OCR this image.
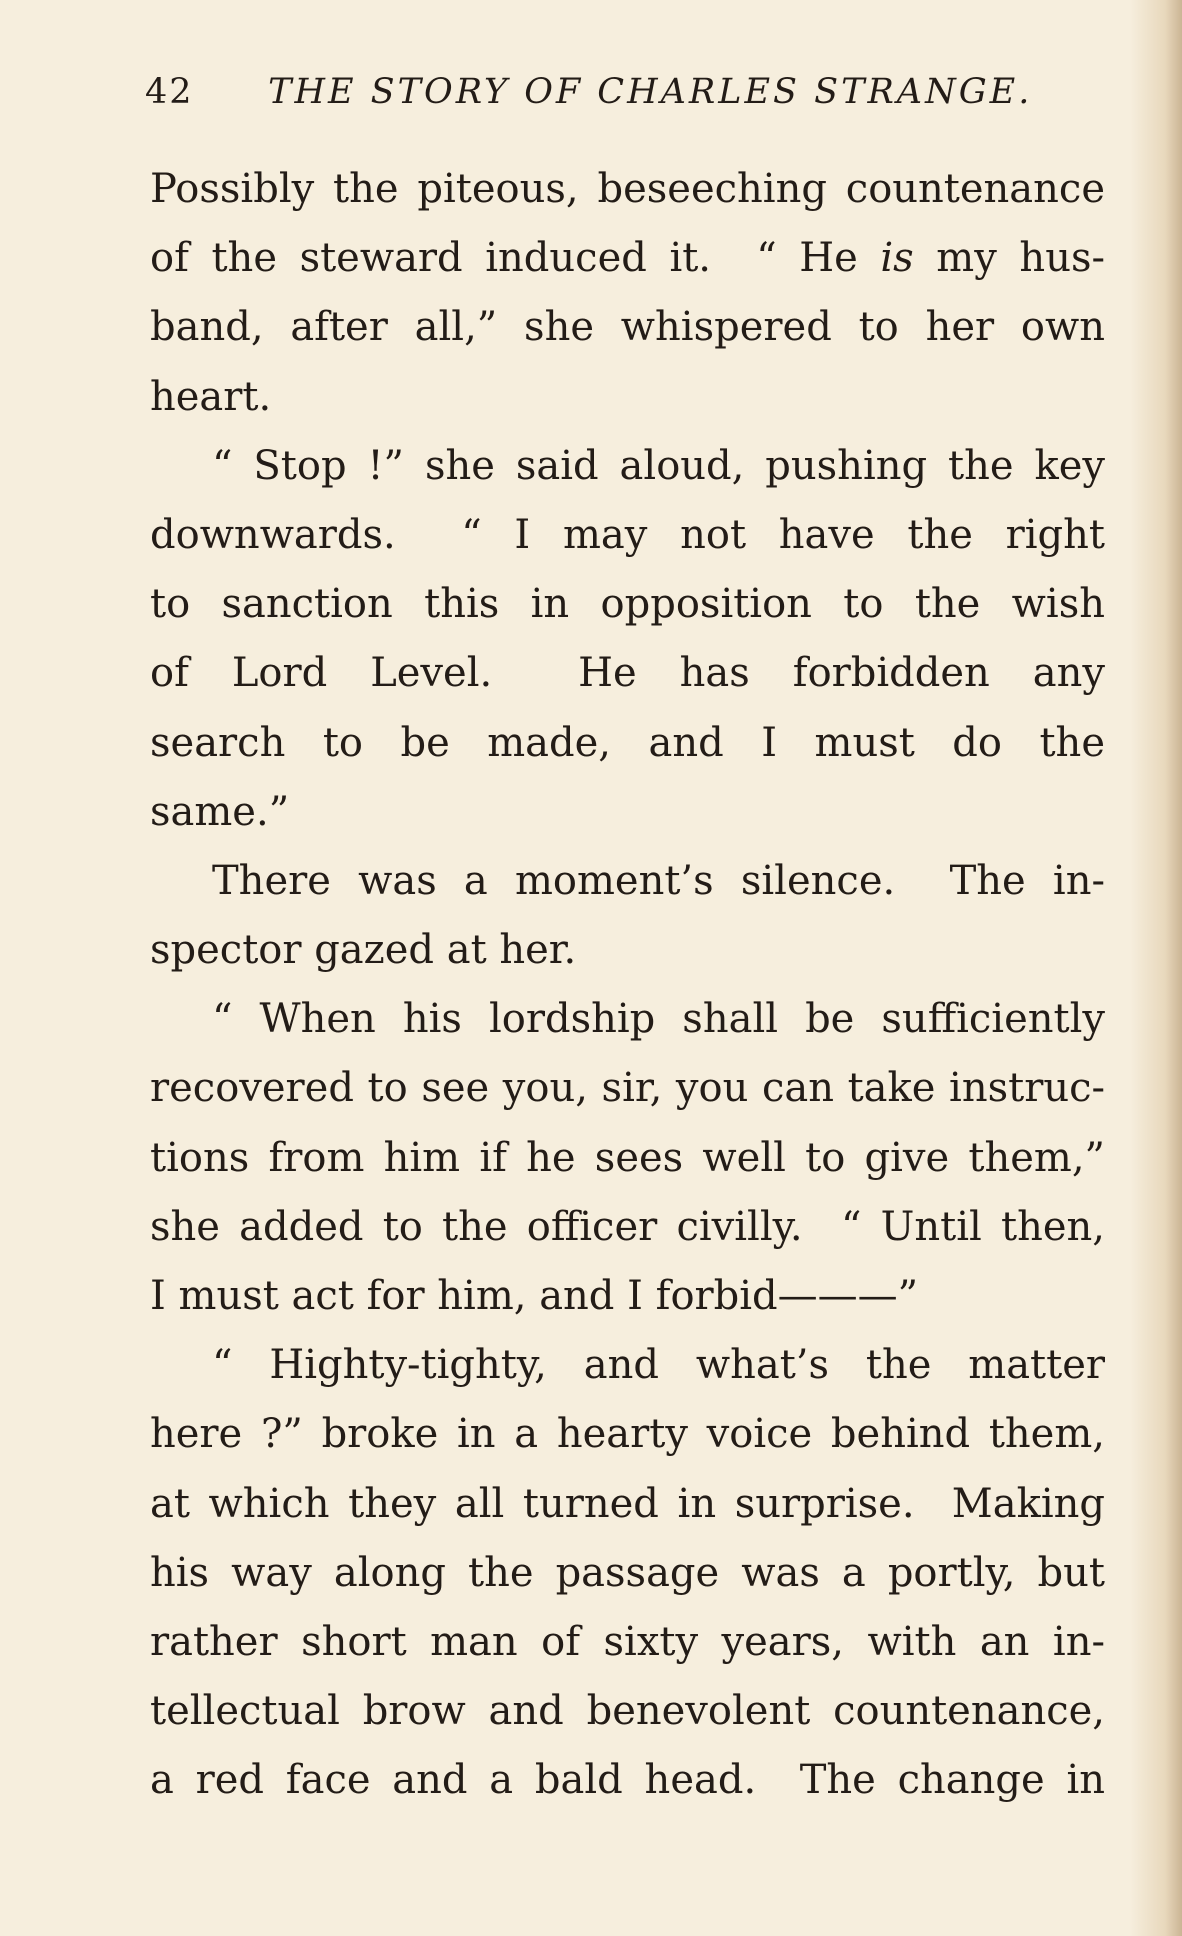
42 THE STORY OF CHARLES STRANGE.
Possibly the piteous, beseeching countenance
of the steward induced it.  “ He is my hus-
band, after all,” she whispered to her own
heart.
“ Stop !” she said aloud, pushing the key
downwards.  “ I may not have the right
to sanction this in opposition to the wish
of Lord Level.  He has forbidden any
search to be made, and I must do the
same.”
There was a moment’s silence.  The in-
spector gazed at her.
“ When his lordship shall be sufficiently
recovered to see you, sir, you can take instruc-
tions from him if he sees well to give them,”
she added to the officer civilly.  “ Until then,
I must act for him, and I forbid———”
“ Highty-tighty, and what’s the matter
here ?” broke in a hearty voice behind them,
at which they all turned in surprise.  Making
his way along the passage was a portly, but
rather short man of sixty years, with an in-
tellectual brow and benevolent countenance,
a red face and a bald head.  The change in
